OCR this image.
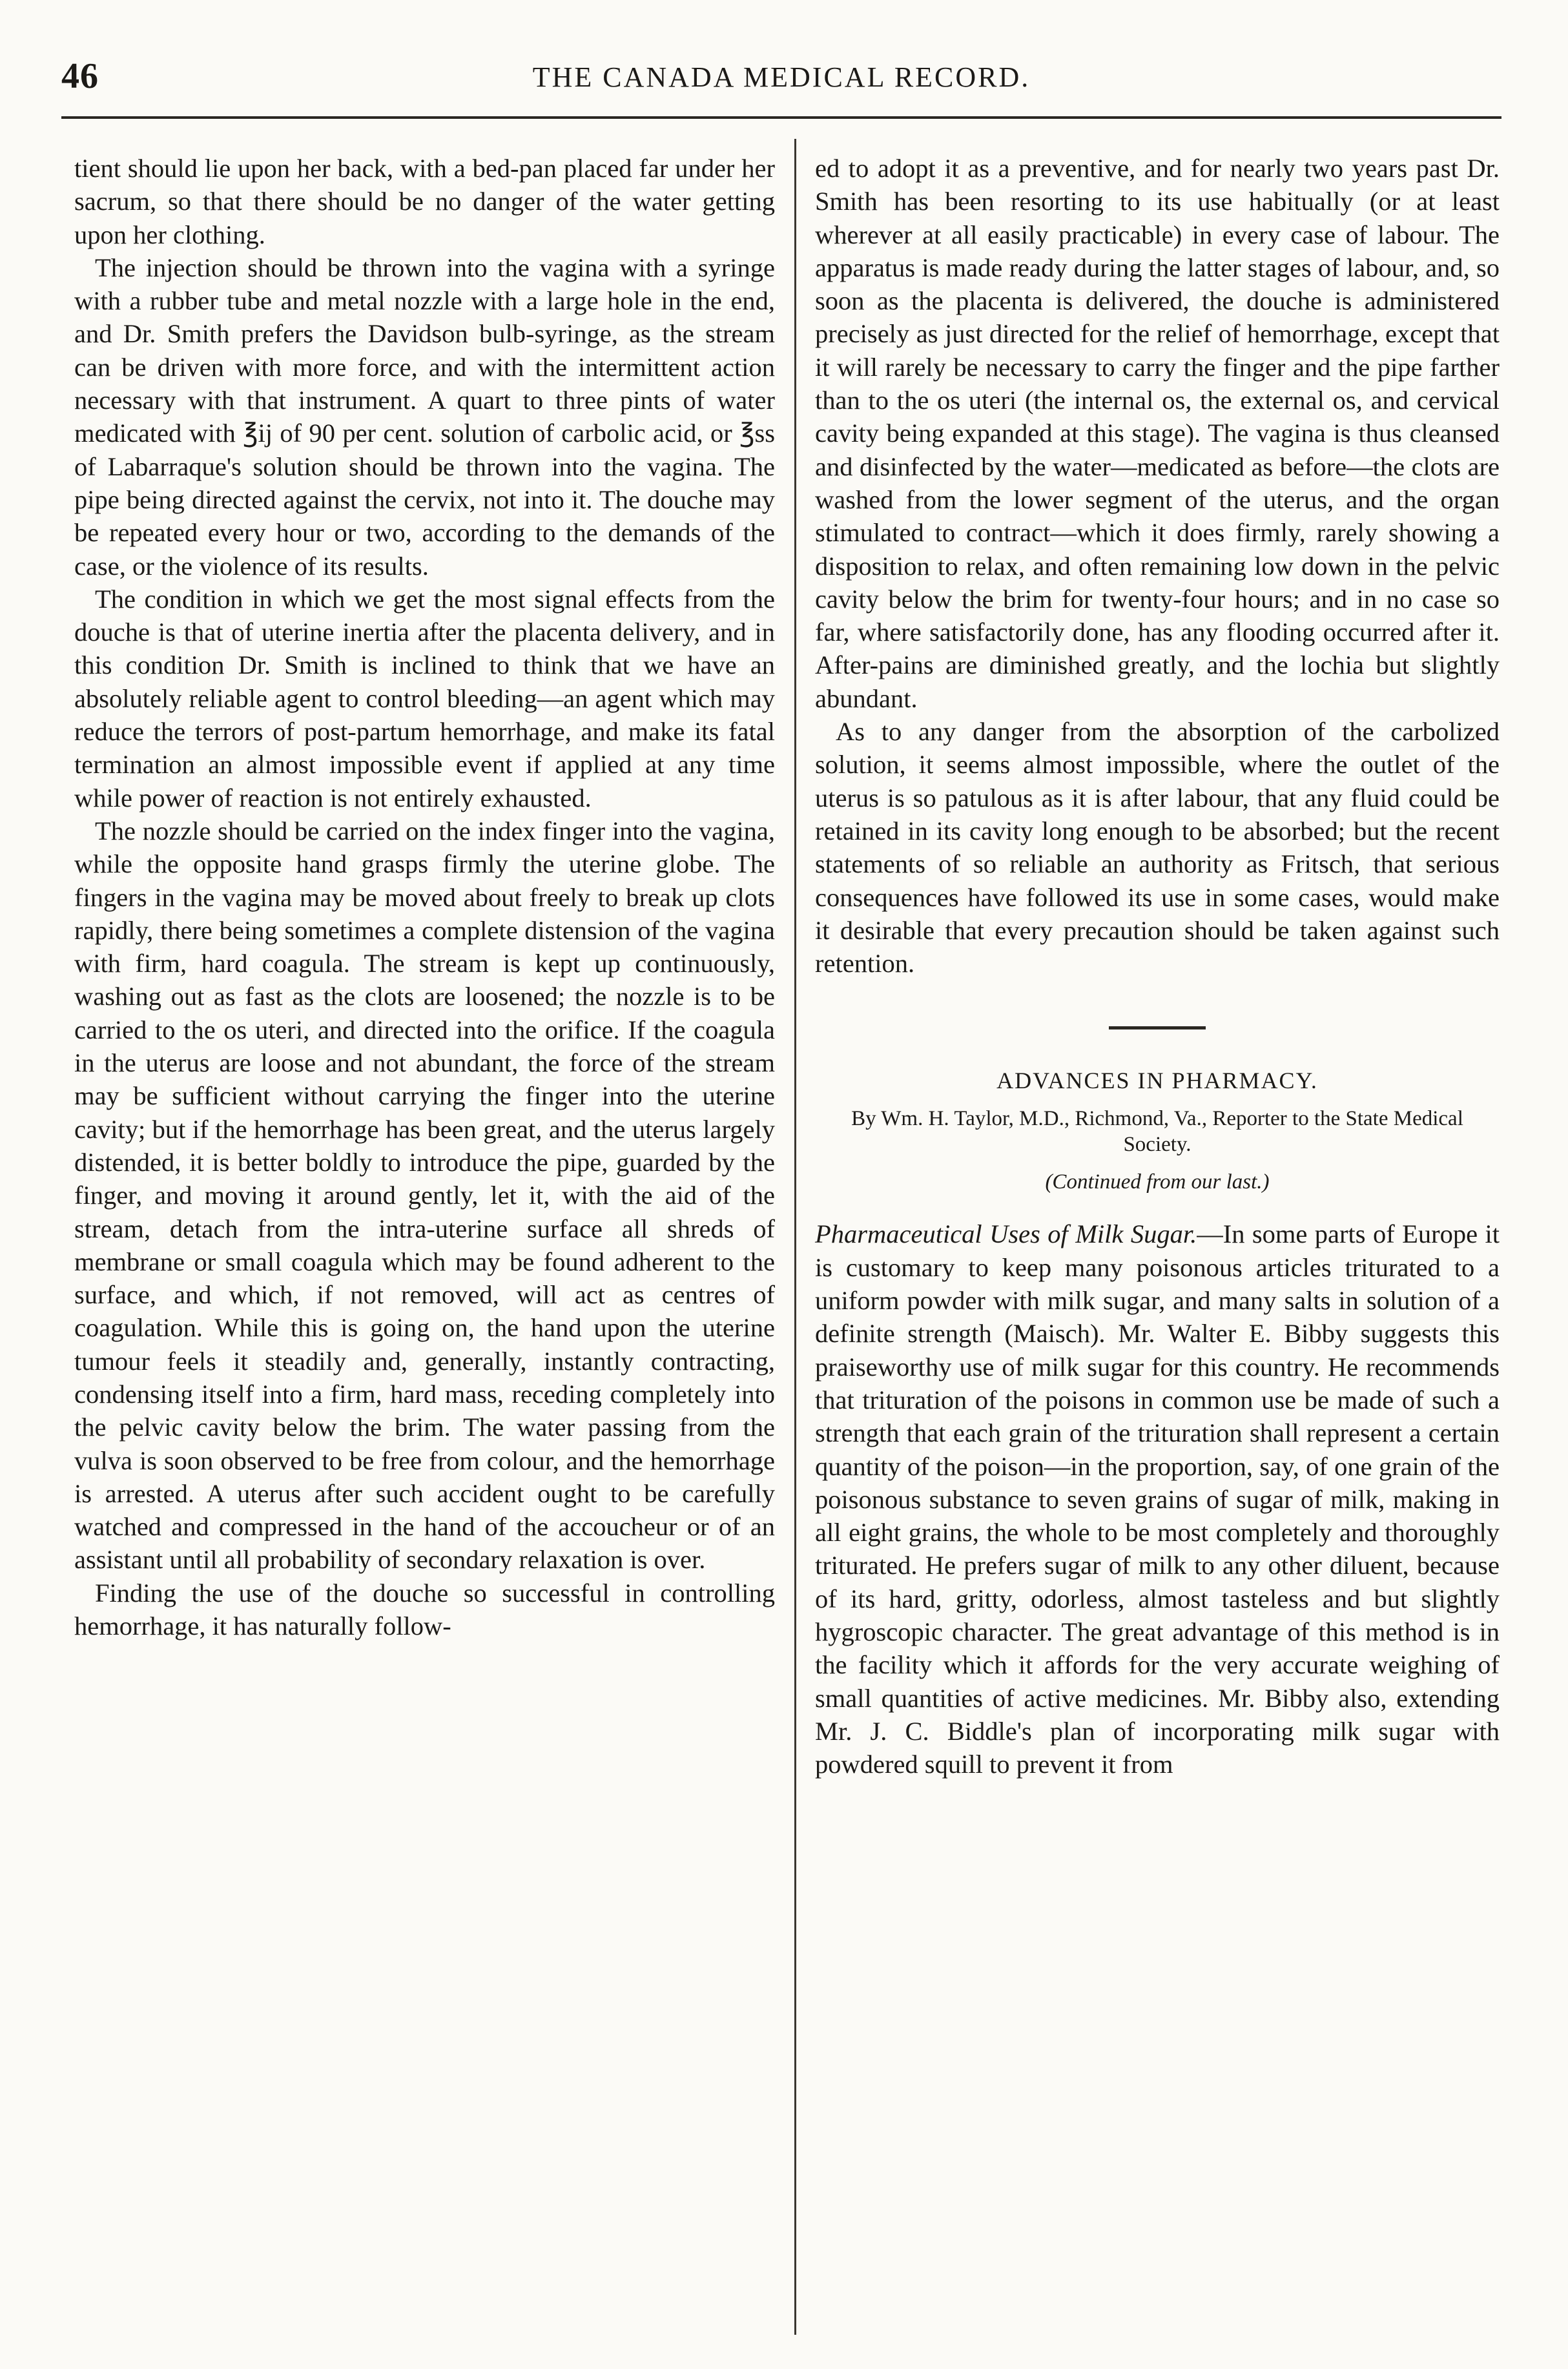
46	THE CANADA MEDICAL RECORD.

tient should lie upon her back, with a bed-pan placed far under her sacrum, so that there should be no danger of the water getting upon her clothing.

The injection should be thrown into the vagina with a syringe with a rubber tube and metal nozzle with a large hole in the end, and Dr. Smith prefers the Davidson bulb-syringe, as the stream can be driven with more force, and with the intermittent action necessary with that instrument. A quart to three pints of water medicated with ℥ij of 90 per cent. solution of carbolic acid, or ℥ss of Labarraque's solution should be thrown into the vagina. The pipe being directed against the cervix, not into it. The douche may be repeated every hour or two, according to the demands of the case, or the violence of its results.

The condition in which we get the most signal effects from the douche is that of uterine inertia after the placenta delivery, and in this condition Dr. Smith is inclined to think that we have an absolutely reliable agent to control bleeding—an agent which may reduce the terrors of post-partum hemorrhage, and make its fatal termination an almost impossible event if applied at any time while power of reaction is not entirely exhausted.

The nozzle should be carried on the index finger into the vagina, while the opposite hand grasps firmly the uterine globe. The fingers in the vagina may be moved about freely to break up clots rapidly, there being sometimes a complete distension of the vagina with firm, hard coagula. The stream is kept up continuously, washing out as fast as the clots are loosened; the nozzle is to be carried to the os uteri, and directed into the orifice. If the coagula in the uterus are loose and not abundant, the force of the stream may be sufficient without carrying the finger into the uterine cavity; but if the hemorrhage has been great, and the uterus largely distended, it is better boldly to introduce the pipe, guarded by the finger, and moving it around gently, let it, with the aid of the stream, detach from the intra-uterine surface all shreds of membrane or small coagula which may be found adherent to the surface, and which, if not removed, will act as centres of coagulation. While this is going on, the hand upon the uterine tumour feels it steadily and, generally, instantly contracting, condensing itself into a firm, hard mass, receding completely into the pelvic cavity below the brim. The water passing from the vulva is soon observed to be free from colour, and the hemorrhage is arrested. A uterus after such accident ought to be carefully watched and compressed in the hand of the accoucheur or of an assistant until all probability of secondary relaxation is over.

Finding the use of the douche so successful in controlling hemorrhage, it has naturally follow-

ed to adopt it as a preventive, and for nearly two years past Dr. Smith has been resorting to its use habitually (or at least wherever at all easily practicable) in every case of labour. The apparatus is made ready during the latter stages of labour, and, so soon as the placenta is delivered, the douche is administered precisely as just directed for the relief of hemorrhage, except that it will rarely be necessary to carry the finger and the pipe farther than to the os uteri (the internal os, the external os, and cervical cavity being expanded at this stage). The vagina is thus cleansed and disinfected by the water—medicated as before—the clots are washed from the lower segment of the uterus, and the organ stimulated to contract—which it does firmly, rarely showing a disposition to relax, and often remaining low down in the pelvic cavity below the brim for twenty-four hours; and in no case so far, where satisfactorily done, has any flooding occurred after it. After-pains are diminished greatly, and the lochia but slightly abundant.

As to any danger from the absorption of the carbolized solution, it seems almost impossible, where the outlet of the uterus is so patulous as it is after labour, that any fluid could be retained in its cavity long enough to be absorbed; but the recent statements of so reliable an authority as Fritsch, that serious consequences have followed its use in some cases, would make it desirable that every precaution should be taken against such retention.

ADVANCES IN PHARMACY.
By Wm. H. Taylor, M.D., Richmond, Va., Reporter to the State Medical Society.
(Continued from our last.)

Pharmaceutical Uses of Milk Sugar.—In some parts of Europe it is customary to keep many poisonous articles triturated to a uniform powder with milk sugar, and many salts in solution of a definite strength (Maisch). Mr. Walter E. Bibby suggests this praiseworthy use of milk sugar for this country. He recommends that trituration of the poisons in common use be made of such a strength that each grain of the trituration shall represent a certain quantity of the poison—in the proportion, say, of one grain of the poisonous substance to seven grains of sugar of milk, making in all eight grains, the whole to be most completely and thoroughly triturated. He prefers sugar of milk to any other diluent, because of its hard, gritty, odorless, almost tasteless and but slightly hygroscopic character. The great advantage of this method is in the facility which it affords for the very accurate weighing of small quantities of active medicines. Mr. Bibby also, extending Mr. J. C. Biddle's plan of incorporating milk sugar with powdered squill to prevent it from
